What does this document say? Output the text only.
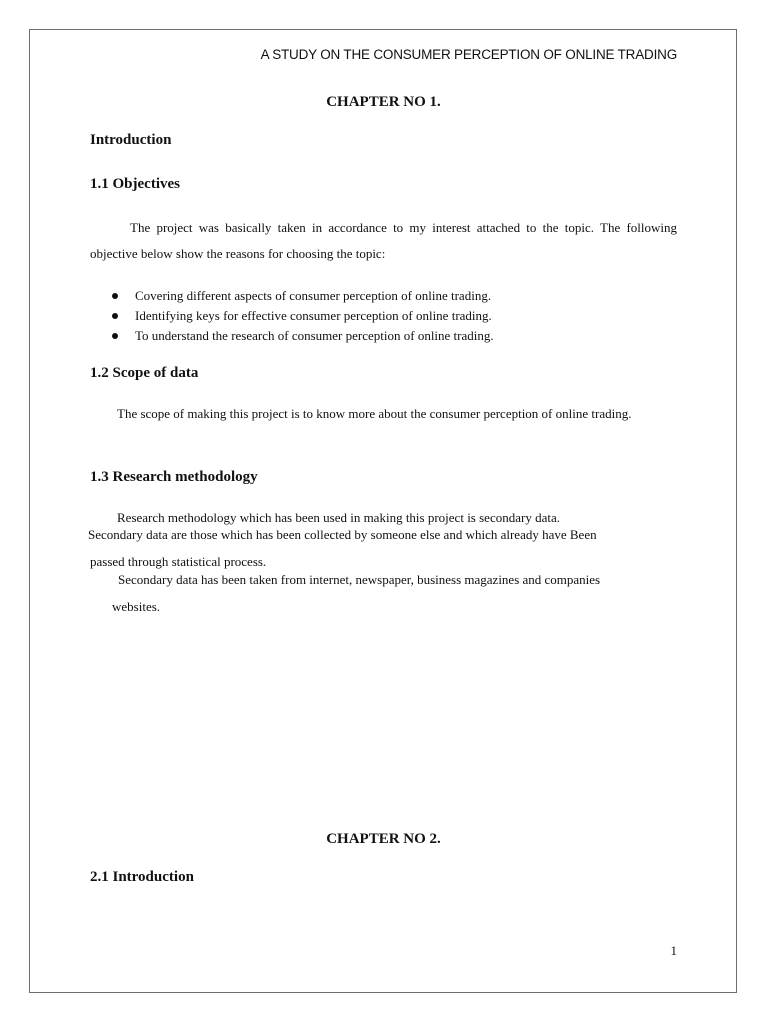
A STUDY ON THE CONSUMER PERCEPTION OF ONLINE TRADING
CHAPTER NO 1.
Introduction
1.1 Objectives
The project was basically taken in accordance to my interest attached to the topic. The following objective below show the reasons for choosing the topic:
Covering different aspects of consumer perception of online trading.
Identifying keys for effective consumer perception of online trading.
To understand the research of consumer perception of online trading.
1.2 Scope of data
The scope of making this project is to know more about the consumer perception of online trading.
1.3 Research methodology
Research methodology which has been used in making this project is secondary data.
Secondary data are those which has been collected by someone else and which already have Been
passed through statistical process.
Secondary data has been taken from internet, newspaper, business magazines and companies
websites.
CHAPTER NO 2.
2.1 Introduction
1
